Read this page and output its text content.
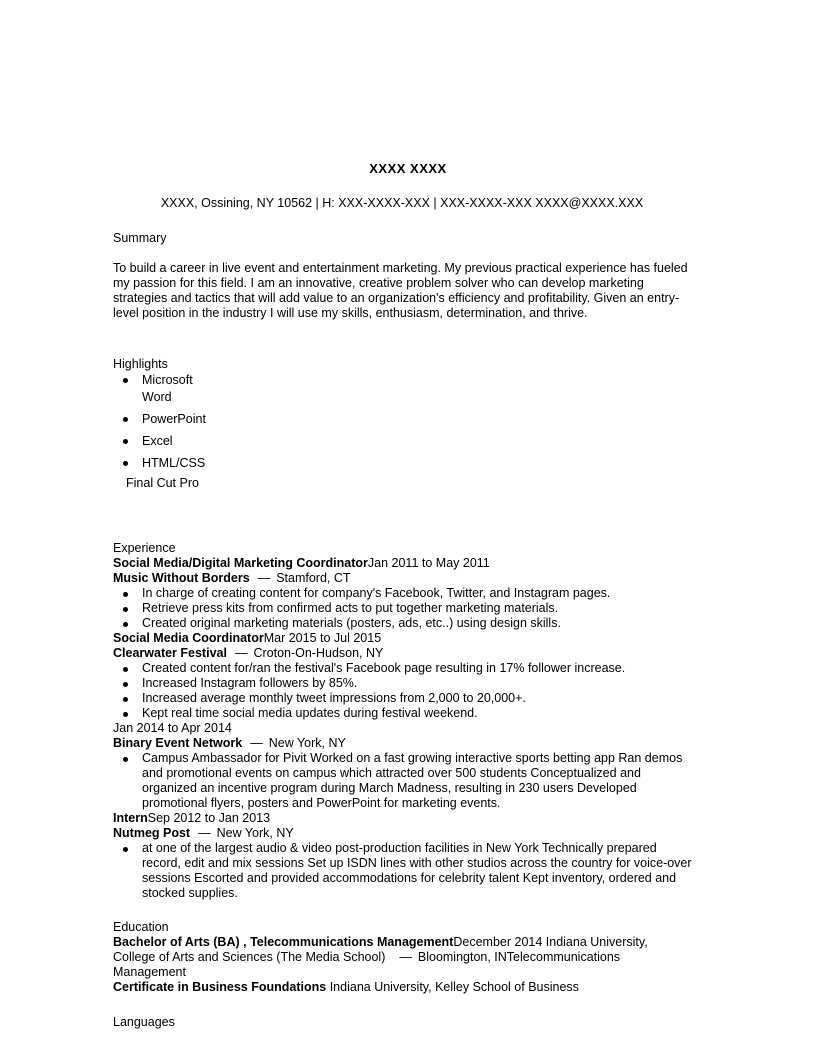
XXXX XXXX
XXXX, Ossining, NY 10562 | H: XXX-XXXX-XXX | XXX-XXXX-XXX XXXX@XXXX.XXX
Summary

To build a career in live event and entertainment marketing. My previous practical experience has fueled my passion for this field. I am an innovative, creative problem solver who can develop marketing strategies and tactics that will add value to an organization's efficiency and profitability. Given an entry-level position in the industry I will use my skills, enthusiasm, determination, and thrive.

Highlights
Microsoft Word
PowerPoint
Excel
HTML/CSS
Final Cut Pro
Experience
Social Media/Digital Marketing CoordinatorJan 2011 to May 2011
Music Without Borders — Stamford, CT
In charge of creating content for company's Facebook, Twitter, and Instagram pages.
Retrieve press kits from confirmed acts to put together marketing materials.
Created original marketing materials (posters, ads, etc..) using design skills.
Social Media CoordinatorMar 2015 to Jul 2015
Clearwater Festival — Croton-On-Hudson, NY
Created content for/ran the festival's Facebook page resulting in 17% follower increase.
Increased Instagram followers by 85%.
Increased average monthly tweet impressions from 2,000 to 20,000+.
Kept real time social media updates during festival weekend.
Jan 2014 to Apr 2014
Binary Event Network — New York, NY
Campus Ambassador for Pivit Worked on a fast growing interactive sports betting app Ran demos and promotional events on campus which attracted over 500 students Conceptualized and organized an incentive program during March Madness, resulting in 230 users Developed promotional flyers, posters and PowerPoint for marketing events.
InternSep 2012 to Jan 2013
Nutmeg Post — New York, NY
at one of the largest audio & video post-production facilities in New York Technically prepared record, edit and mix sessions Set up ISDN lines with other studios across the country for voice-over sessions Escorted and provided accommodations for celebrity talent Kept inventory, ordered and stocked supplies.
Education
Bachelor of Arts (BA) , Telecommunications ManagementDecember 2014 Indiana University, College of Arts and Sciences (The Media School) — Bloomington, INTelecommunications Management
Certificate in Business Foundations Indiana University, Kelley School of Business
Languages
